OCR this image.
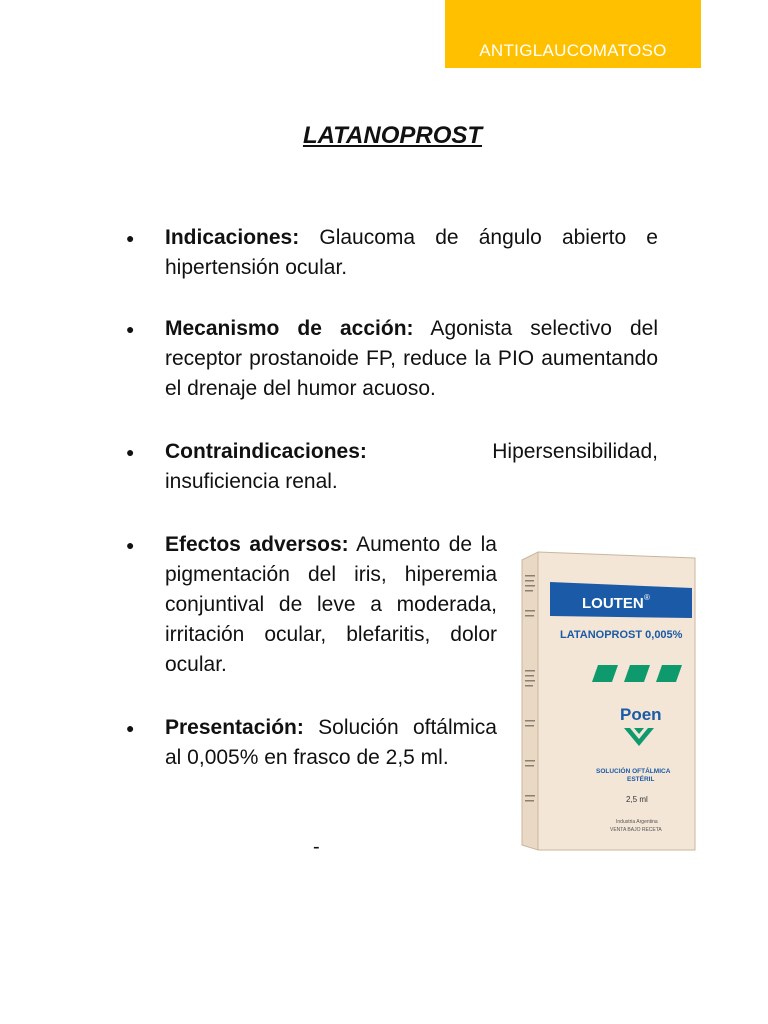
ANTIGLAUCOMATOSO
LATANOPROST
● Indicaciones: Glaucoma de ángulo abierto e hipertensión ocular.
● Mecanismo de acción: Agonista selectivo del receptor prostanoide FP, reduce la PIO aumentando el drenaje del humor acuoso.
● Contraindicaciones: Hipersensibilidad, insuficiencia renal.
● Efectos adversos: Aumento de la pigmentación del iris, hiperemia conjuntival de leve a moderada, irritación ocular, blefaritis, dolor ocular.
● Presentación: Solución oftálmica al 0,005% en frasco de 2,5 ml.
-
LOUTEN ®
LATANOPROST 0,005%
Poen
SOLUCIÓN OFTÁLMICA
ESTÉRIL
2,5 ml
Industria Argentina
VENTA BAJO RECETA
